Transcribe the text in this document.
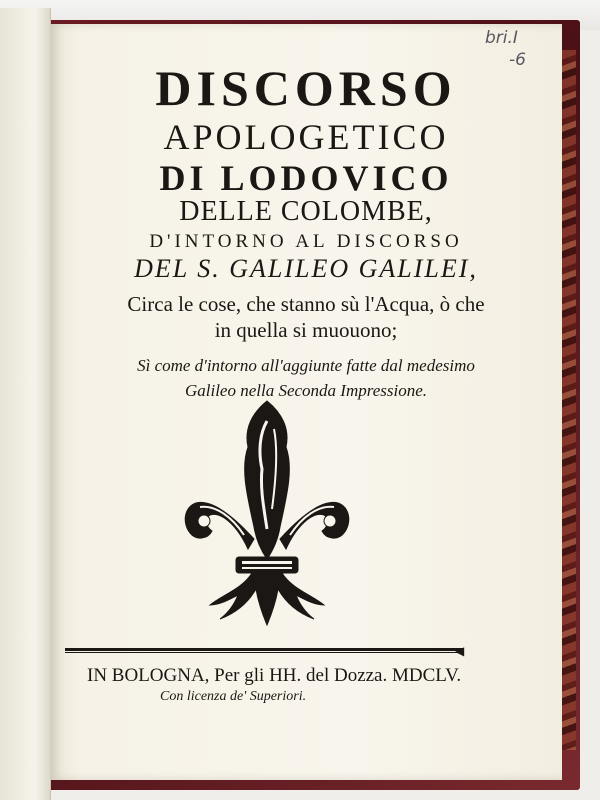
DISCORSO
APOLOGETICO
DI LODOVICO
DELLE COLOMBE,
D'INTORNO AL DISCORSO
DEL S. GALILEO GALILEI,
Circa le cose, che stanno sù l'Acqua, ò che
in quella si muouono;
Sì come d'intorno all'aggiunte fatte dal medesimo
Galileo nella Seconda Impressione.
◀
IN BOLOGNA, Per gli HH. del Dozza. MDCLV.
Con licenza de' Superiori.
bri.I
-6
